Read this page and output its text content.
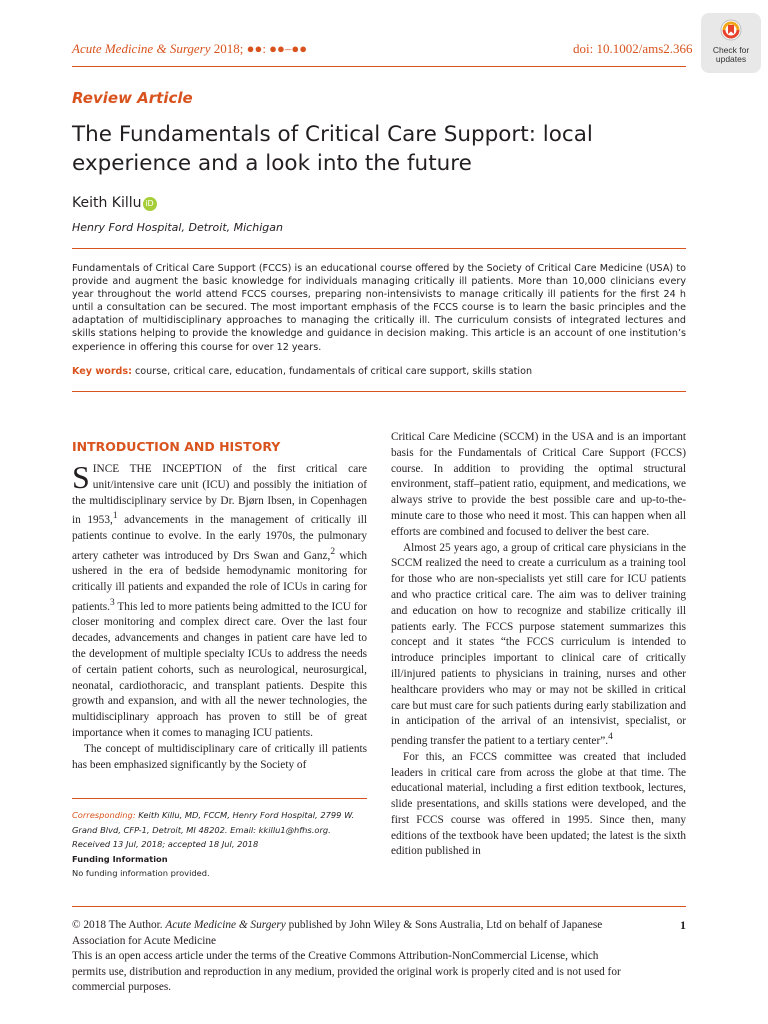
Acute Medicine & Surgery 2018; ●●: ●●–●●	doi: 10.1002/ams2.366	Check for
updates
Review Article
The Fundamentals of Critical Care Support: local experience and a look into the future
Keith Killu iD
Henry Ford Hospital, Detroit, Michigan
Fundamentals of Critical Care Support (FCCS) is an educational course offered by the Society of Critical Care Medicine (USA) to provide and augment the basic knowledge for individuals managing critically ill patients. More than 10,000 clinicians every year throughout the world attend FCCS courses, preparing non-intensivists to manage critically ill patients for the first 24 h until a consultation can be secured. The most important emphasis of the FCCS course is to learn the basic principles and the adaptation of multidisciplinary approaches to managing the critically ill. The curriculum consists of integrated lectures and skills stations helping to provide the knowledge and guidance in decision making. This article is an account of one institution’s experience in offering this course for over 12 years.
Key words: course, critical care, education, fundamentals of critical care support, skills station
INTRODUCTION AND HISTORY

SINCE THE INCEPTION of the first critical care unit/intensive care unit (ICU) and possibly the initiation of the multidisciplinary service by Dr. Bjørn Ibsen, in Copenhagen in 1953,$^1$ advancements in the management of critically ill patients continue to evolve. In the early 1970s, the pulmonary artery catheter was introduced by Drs Swan and Ganz,$^2$ which ushered in the era of bedside hemodynamic monitoring for critically ill patients and expanded the role of ICUs in caring for patients.$^3$ This led to more patients being admitted to the ICU for closer monitoring and complex direct care. Over the last four decades, advancements and changes in patient care have led to the development of multiple specialty ICUs to address the needs of certain patient cohorts, such as neurological, neurosurgical, neonatal, cardiothoracic, and transplant patients. Despite this growth and expansion, and with all the newer technologies, the multidisciplinary approach has proven to still be of great importance when it comes to managing ICU patients.

The concept of multidisciplinary care of critically ill patients has been emphasized significantly by the Society of

Corresponding: Keith Killu, MD, FCCM, Henry Ford Hospital, 2799 W. Grand Blvd, CFP-1, Detroit, MI 48202. Email: kkillu1@hfhs.org.
Received 13 Jul, 2018; accepted 18 Jul, 2018
Funding Information
No funding information provided.

Critical Care Medicine (SCCM) in the USA and is an important basis for the Fundamentals of Critical Care Support (FCCS) course. In addition to providing the optimal structural environment, staff–patient ratio, equipment, and medications, we always strive to provide the best possible care and up-to-the-minute care to those who need it most. This can happen when all efforts are combined and focused to deliver the best care.

Almost 25 years ago, a group of critical care physicians in the SCCM realized the need to create a curriculum as a training tool for those who are non-specialists yet still care for ICU patients and who practice critical care. The aim was to deliver training and education on how to recognize and stabilize critically ill patients early. The FCCS purpose statement summarizes this concept and it states “the FCCS curriculum is intended to introduce principles important to clinical care of critically ill/injured patients to physicians in training, nurses and other healthcare providers who may or may not be skilled in critical care but must care for such patients during early stabilization and in anticipation of the arrival of an intensivist, specialist, or pending transfer the patient to a tertiary center”.$^4$

For this, an FCCS committee was created that included leaders in critical care from across the globe at that time. The educational material, including a first edition textbook, lectures, slide presentations, and skills stations were developed, and the first FCCS course was offered in 1995. Since then, many editions of the textbook have been updated; the latest is the sixth edition published in

© 2018 The Author. Acute Medicine & Surgery published by John Wiley & Sons Australia, Ltd on behalf of Japanese Association for Acute Medicine
This is an open access article under the terms of the Creative Commons Attribution-NonCommercial License, which permits use, distribution and reproduction in any medium, provided the original work is properly cited and is not used for commercial purposes.
1
